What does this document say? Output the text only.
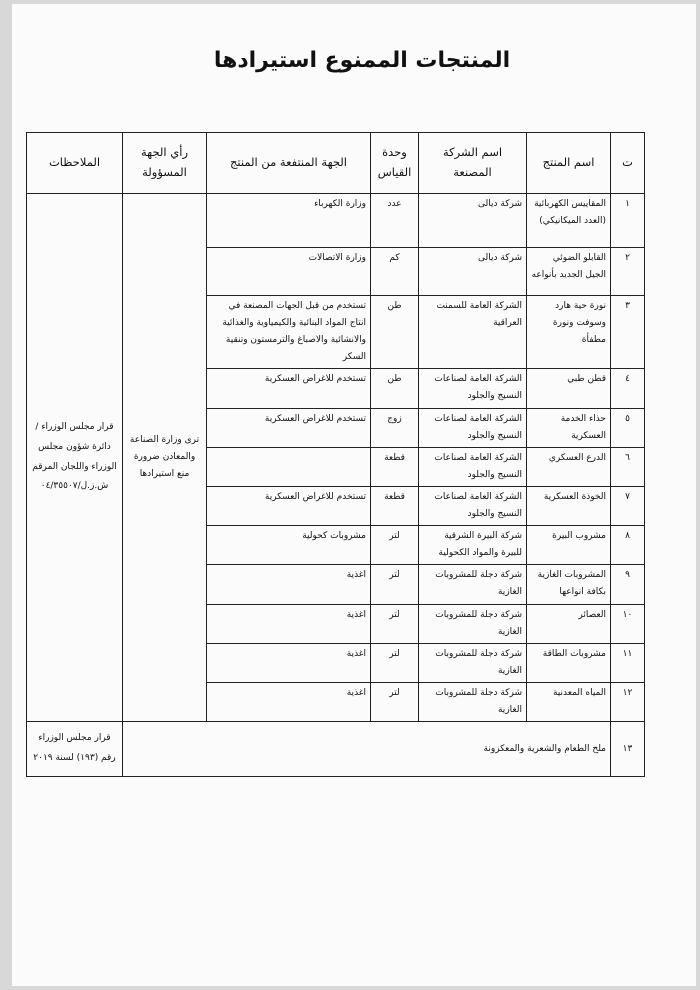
المنتجات الممنوع استيرادها
ت	اسم المنتج	اسم الشركة المصنعة	وحدة القياس	الجهة المنتفعة من المنتج	رأي الجهة المسؤولة	الملاحظات
١	المقاييس الكهربائية (العدد الميكانيكي)	شركة ديالى	عدد	وزارة الكهرباء	ترى وزارة الصناعة والمعادن ضرورة منع استيرادها	قرار مجلس الوزراء / دائرة شؤون مجلس الوزراء واللجان المرقم ش.ز.ل/٠٤/٣٥٥٠٧
٢	القابلو الضوئي الجيل الجديد بأنواعه	شركة ديالى	كم	وزارة الاتصالات		
٣	نورة حية هارد وسوفت ونورة مطفأة	الشركة العامة للسمنت العراقية	طن	تستخدم من قبل الجهات المصنعة في انتاج المواد البنائية والكيمياوية والغذائية والانشائية والاصباغ والترمستون وتنقية السكر		
٤	قطن طبي	الشركة العامة لصناعات النسيج والجلود	طن	تستخدم للاغراض العسكرية		
٥	حذاء الخدمة العسكرية	الشركة العامة لصناعات النسيج والجلود	زوج	تستخدم للاغراض العسكرية		
٦	الدرع العسكري	الشركة العامة لصناعات النسيج والجلود	قطعة			
٧	الخوذة العسكرية	الشركة العامة لصناعات النسيج والجلود	قطعة	تستخدم للاغراض العسكرية		
٨	مشروب البيرة	شركة البيرة الشرقية للبيرة والمواد الكحولية	لتر	مشروبات كحولية		
٩	المشروبات الغازية بكافة انواعها	شركة دجلة للمشروبات الغازية	لتر	اغذية		
١٠	العصائر	شركة دجلة للمشروبات الغازية	لتر	اغذية		
١١	مشروبات الطاقة	شركة دجلة للمشروبات الغازية	لتر	اغذية		
١٢	المياه المعدنية	شركة دجلة للمشروبات الغازية	لتر	اغذية		
١٣	ملح الطعام والشعرية والمعكرونة					قرار مجلس الوزراء رقم (١٩٣) لسنة ٢٠١٩
